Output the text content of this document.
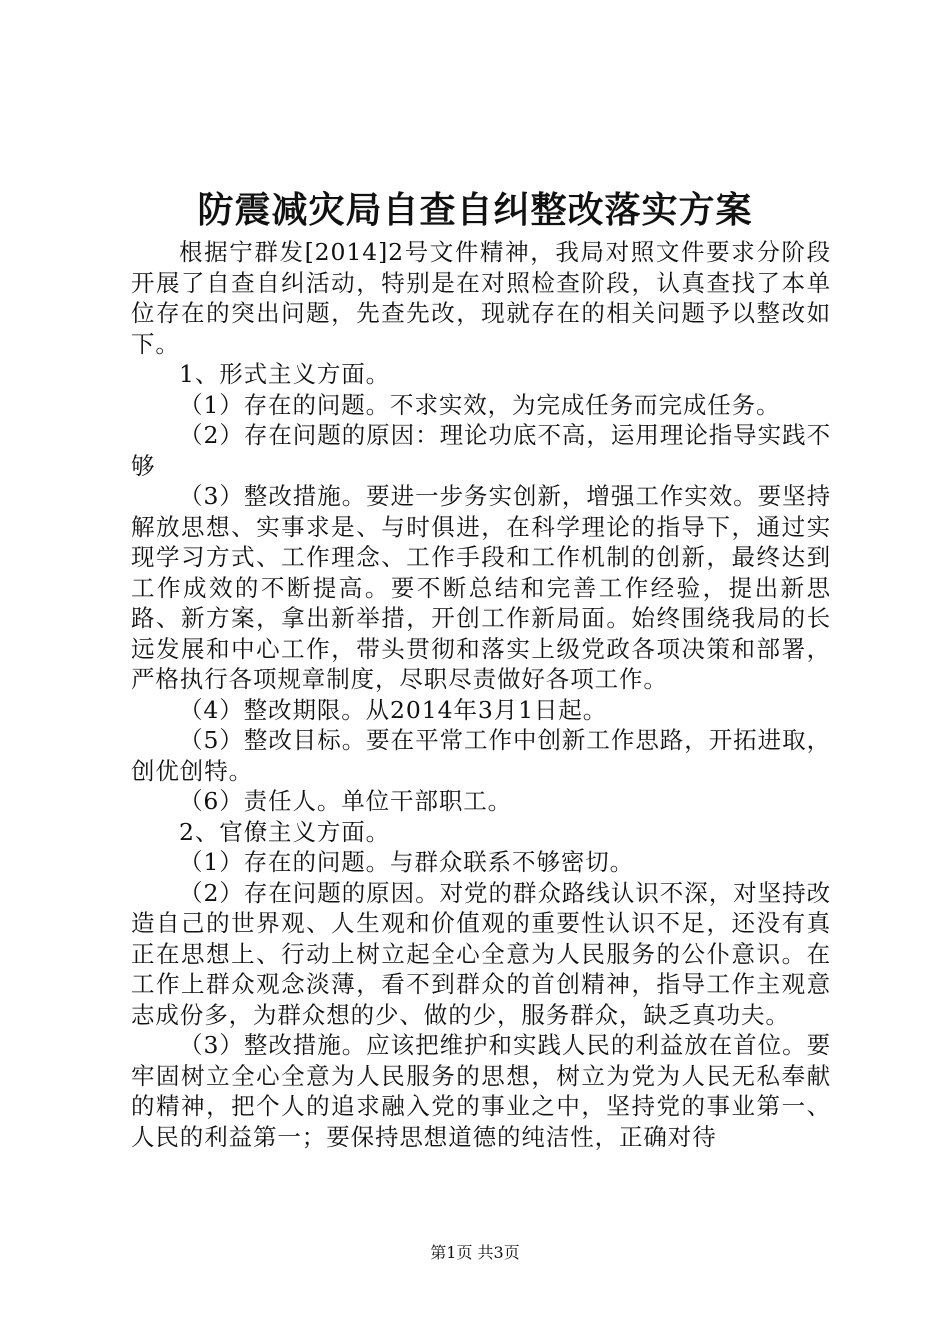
防震减灾局自查自纠整改落实方案

根据宁群发[2014]2号文件精神，我局对照文件要求分阶段开展了自查自纠活动，特别是在对照检查阶段，认真查找了本单位存在的突出问题，先查先改，现就存在的相关问题予以整改如下。

1、形式主义方面。

（1）存在的问题。不求实效，为完成任务而完成任务。

（2）存在问题的原因：理论功底不高，运用理论指导实践不够

（3）整改措施。要进一步务实创新，增强工作实效。要坚持解放思想、实事求是、与时俱进，在科学理论的指导下，通过实现学习方式、工作理念、工作手段和工作机制的创新，最终达到工作成效的不断提高。要不断总结和完善工作经验，提出新思路、新方案，拿出新举措，开创工作新局面。始终围绕我局的长远发展和中心工作，带头贯彻和落实上级党政各项决策和部署，严格执行各项规章制度，尽职尽责做好各项工作。

（4）整改期限。从2014年3月1日起。

（5）整改目标。要在平常工作中创新工作思路，开拓进取，创优创特。

（6）责任人。单位干部职工。

2、官僚主义方面。

（1）存在的问题。与群众联系不够密切。

（2）存在问题的原因。对党的群众路线认识不深，对坚持改造自己的世界观、人生观和价值观的重要性认识不足，还没有真正在思想上、行动上树立起全心全意为人民服务的公仆意识。在工作上群众观念淡薄，看不到群众的首创精神，指导工作主观意志成份多，为群众想的少、做的少，服务群众，缺乏真功夫。

（3）整改措施。应该把维护和实践人民的利益放在首位。要牢固树立全心全意为人民服务的思想，树立为党为人民无私奉献的精神，把个人的追求融入党的事业之中，坚持党的事业第一、人民的利益第一；要保持思想道德的纯洁性，正确对待

第1页 共3页
